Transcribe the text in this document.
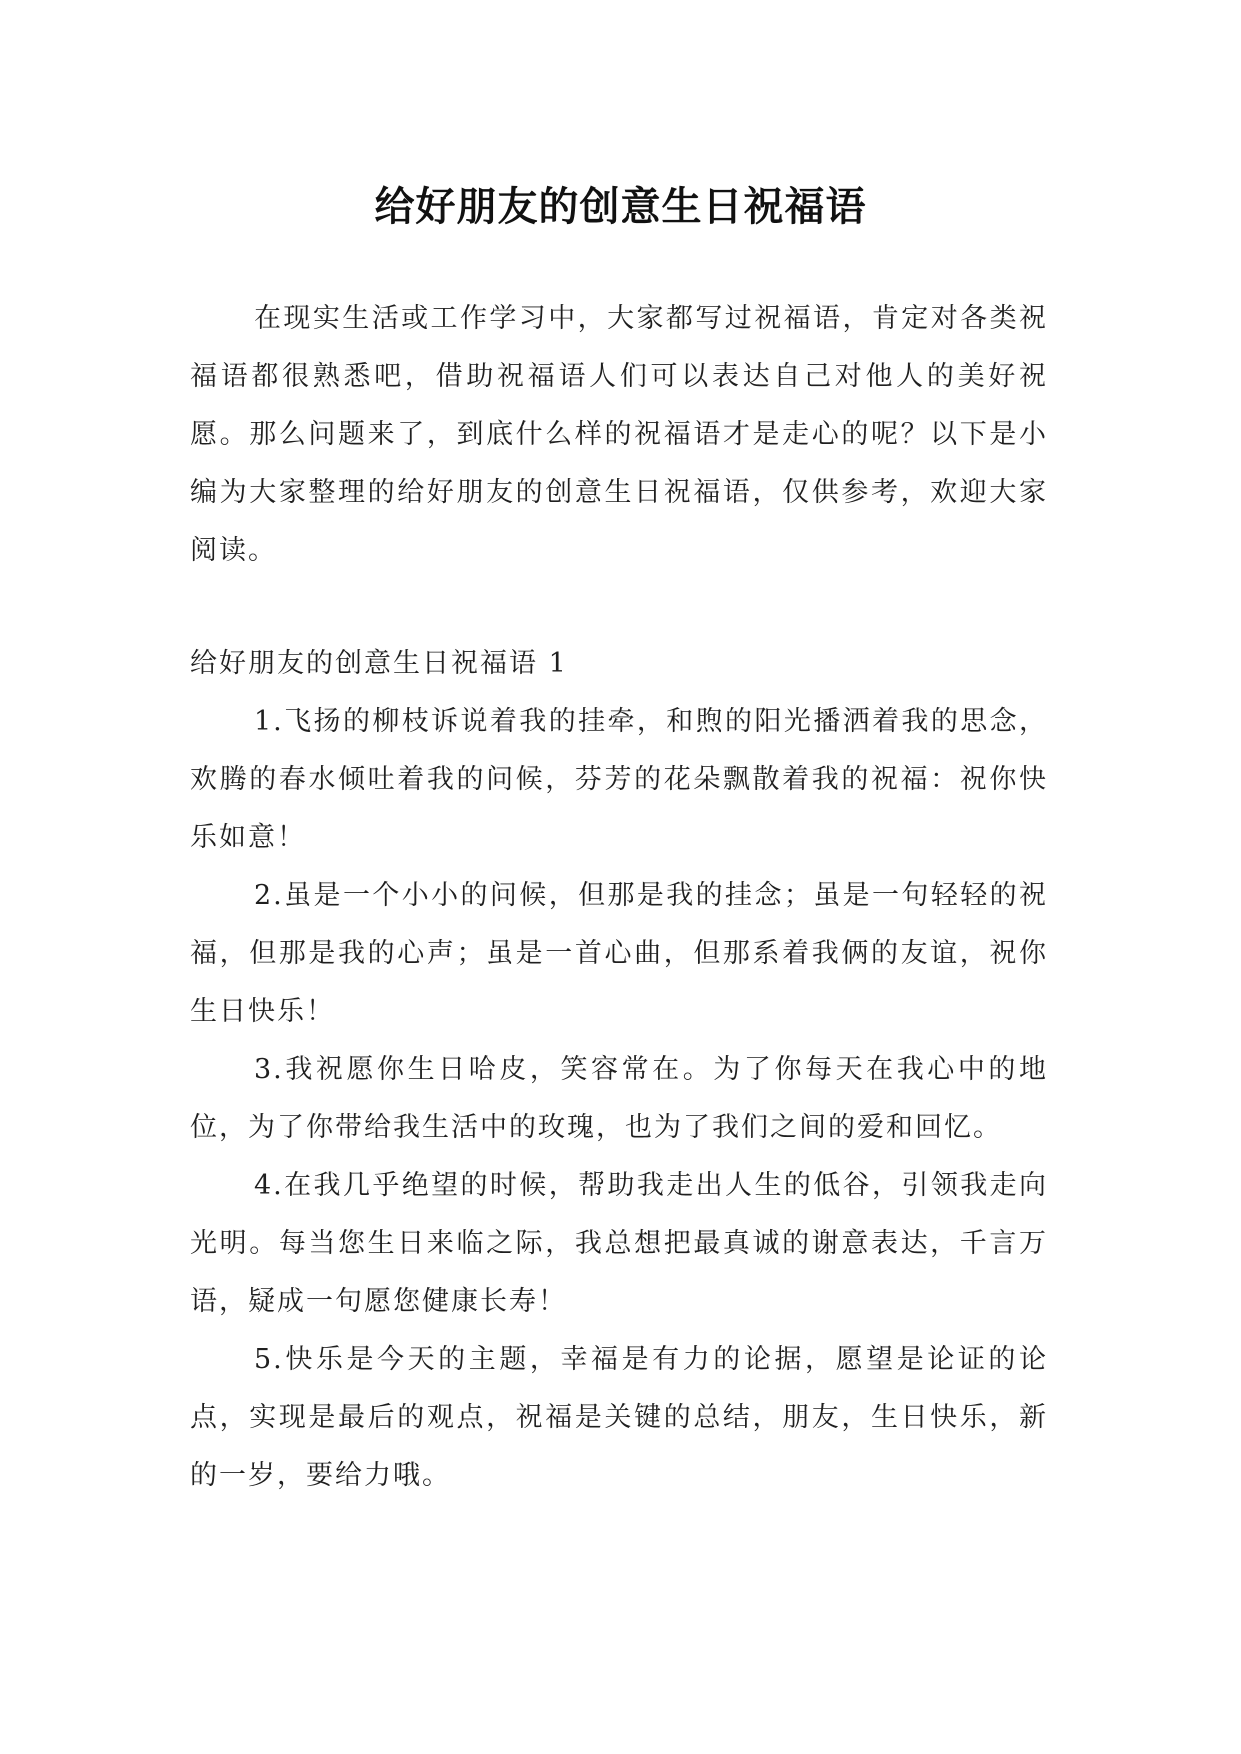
给好朋友的创意生日祝福语

在现实生活或工作学习中，大家都写过祝福语，肯定对各类祝福语都很熟悉吧，借助祝福语人们可以表达自己对他人的美好祝愿。那么问题来了，到底什么样的祝福语才是走心的呢？以下是小编为大家整理的给好朋友的创意生日祝福语，仅供参考，欢迎大家阅读。

给好朋友的创意生日祝福语 1

1.飞扬的柳枝诉说着我的挂牵，和煦的阳光播洒着我的思念，欢腾的春水倾吐着我的问候，芬芳的花朵飘散着我的祝福：祝你快乐如意！

2.虽是一个小小的问候，但那是我的挂念；虽是一句轻轻的祝福，但那是我的心声；虽是一首心曲，但那系着我俩的友谊，祝你生日快乐！

3.我祝愿你生日哈皮，笑容常在。为了你每天在我心中的地位，为了你带给我生活中的玫瑰，也为了我们之间的爱和回忆。

4.在我几乎绝望的时候，帮助我走出人生的低谷，引领我走向光明。每当您生日来临之际，我总想把最真诚的谢意表达，千言万语，疑成一句愿您健康长寿！

5.快乐是今天的主题，幸福是有力的论据，愿望是论证的论点，实现是最后的观点，祝福是关键的总结，朋友，生日快乐，新的一岁，要给力哦。
